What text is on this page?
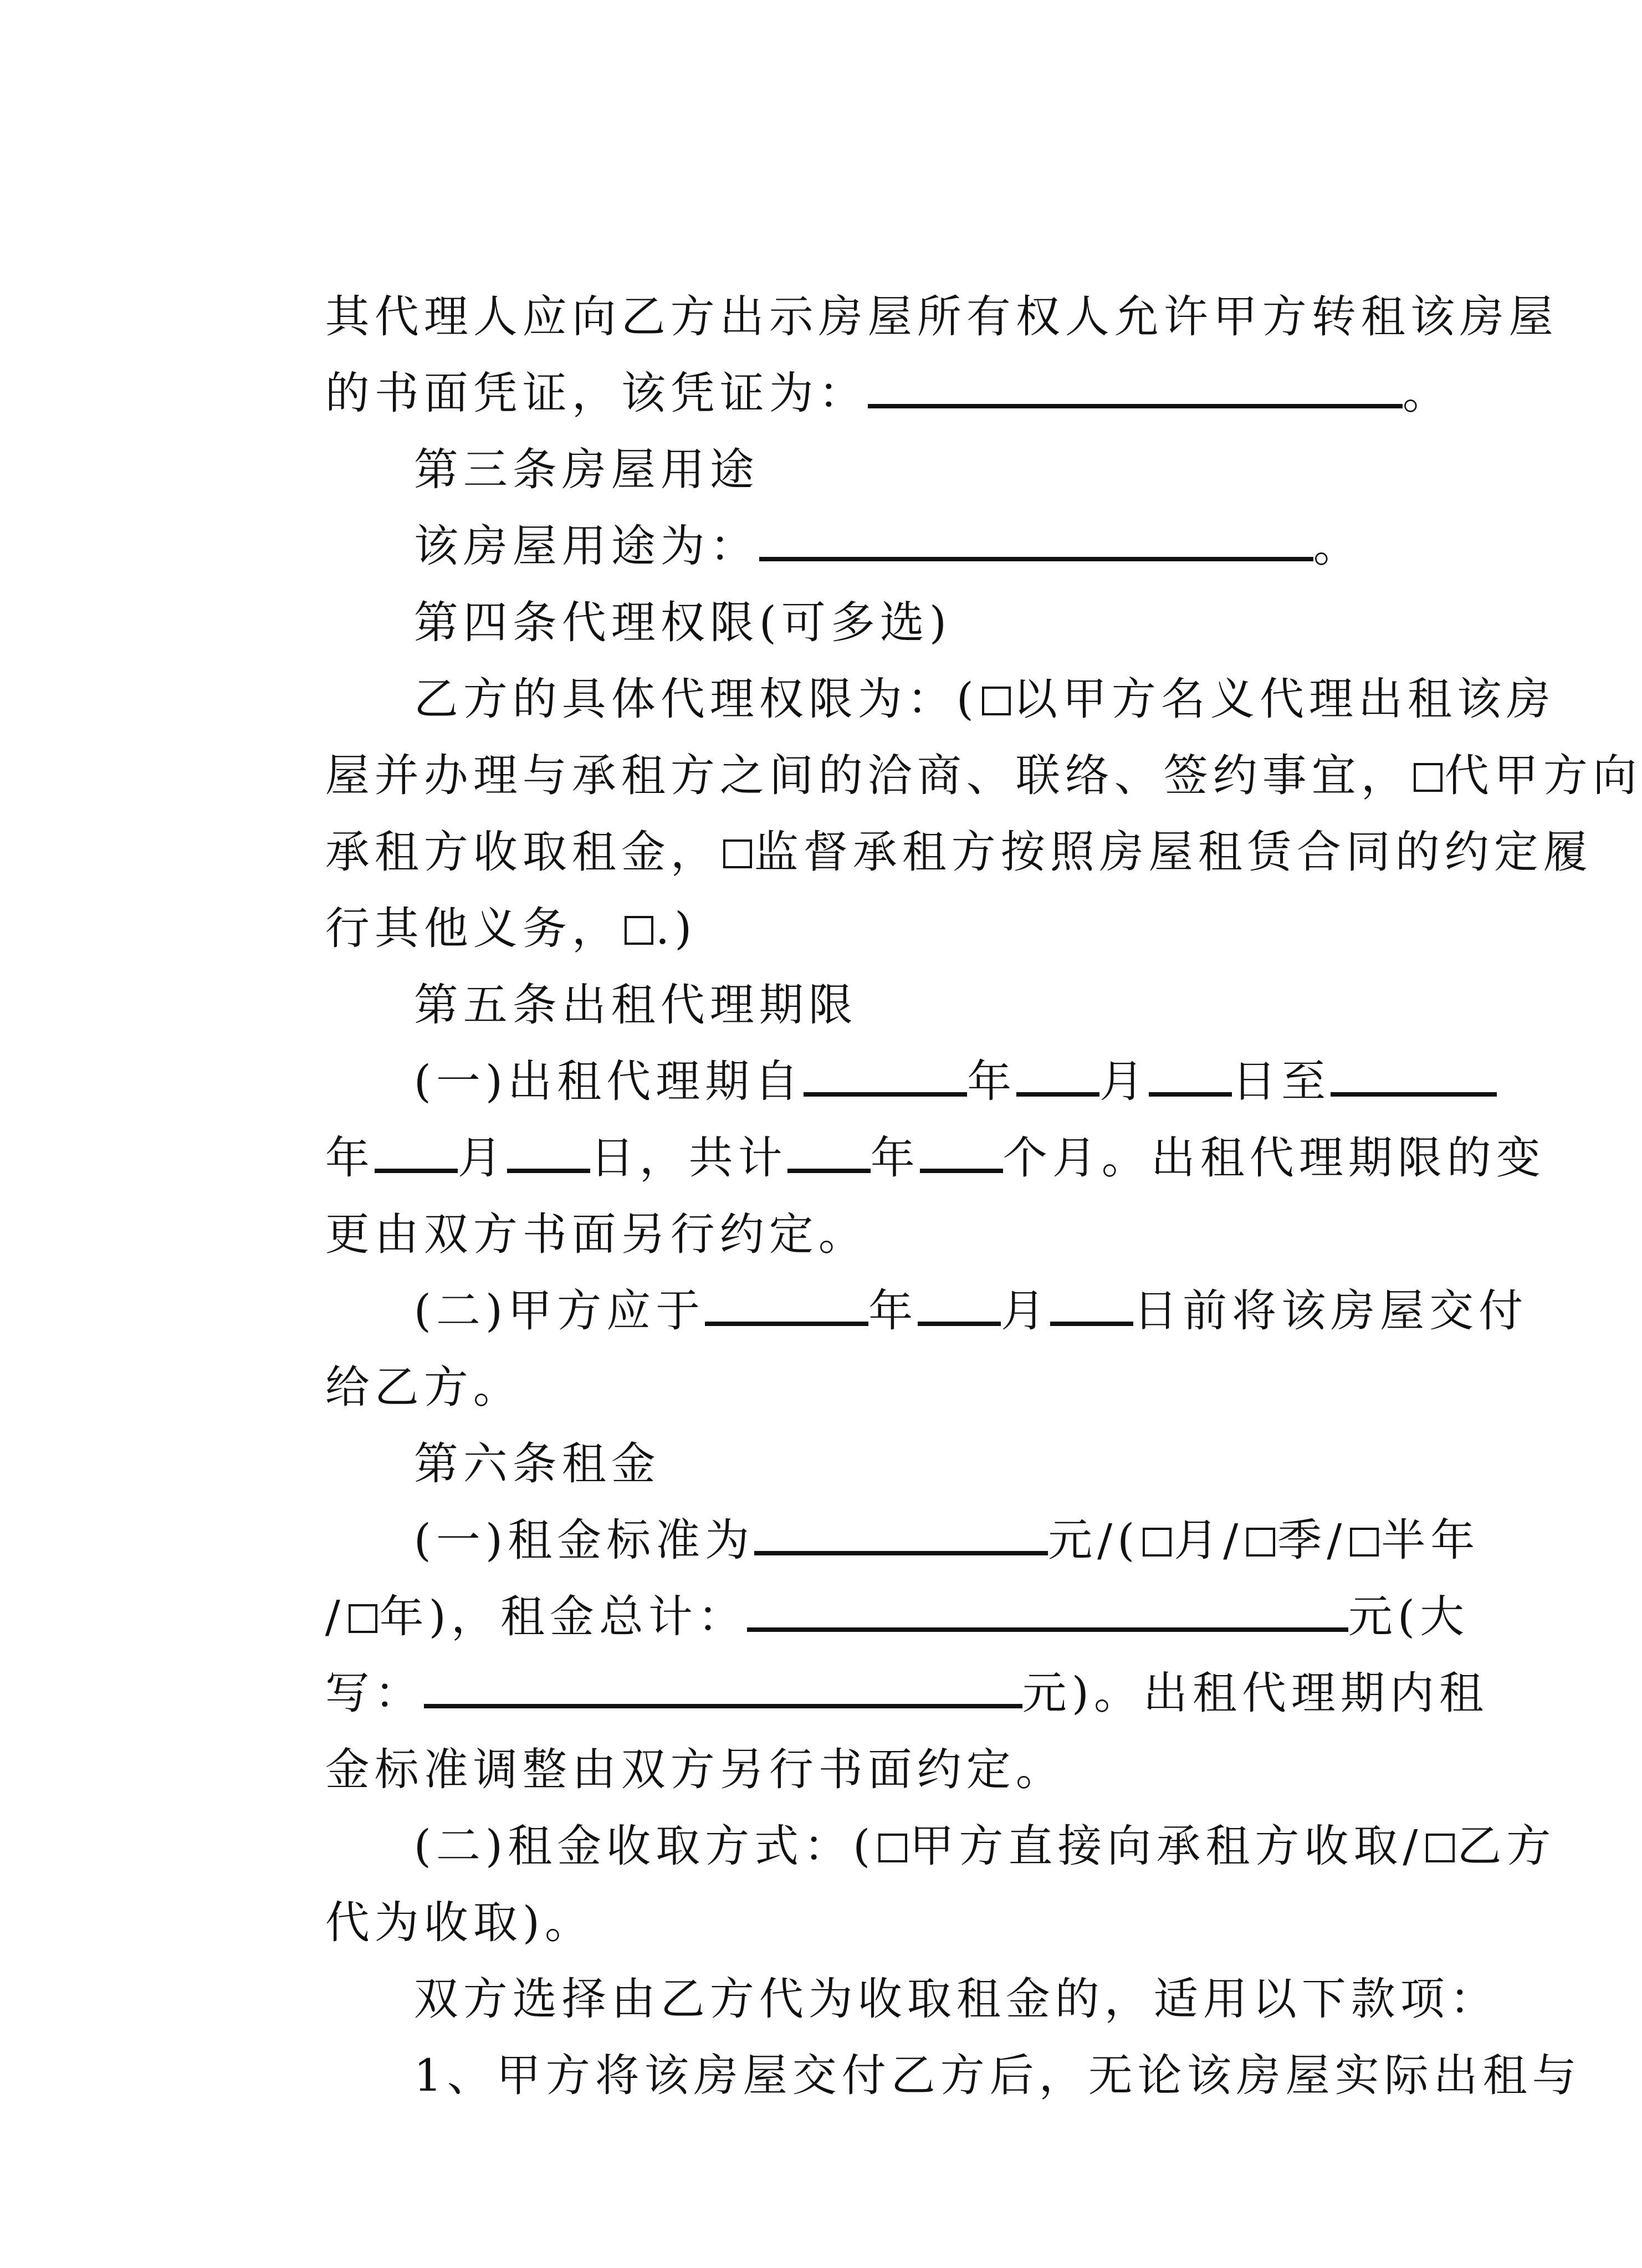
其代理人应向乙方出示房屋所有权人允许甲方转租该房屋

的书面凭证，该凭证为：	。

第三条房屋用途

该房屋用途为：	。

第四条代理权限(可多选)

乙方的具体代理权限为：( 以甲方名义代理出租该房

屋并办理与承租方之间的洽商、联络、签约事宜， 代甲方向

承租方收取租金， 监督承租方按照房屋租赁合同的约定履

行其他义务， .)

第五条出租代理期限

(一)出租代理期自	年 月 日至

年 月 日，共计 年 个月。出租代理期限的变

更由双方书面另行约定。

(二)甲方应于	年 月 日前将该房屋交付

给乙方。

第六条租金

(一)租金标准为	元/( 月/ 季/ 半年

/ 年)，租金总计：	元(大

写：	元)。出租代理期内租

金标准调整由双方另行书面约定。

(二)租金收取方式：( 甲方直接向承租方收取/ 乙方

代为收取)。

双方选择由乙方代为收取租金的，适用以下款项：

1、甲方将该房屋交付乙方后，无论该房屋实际出租与
